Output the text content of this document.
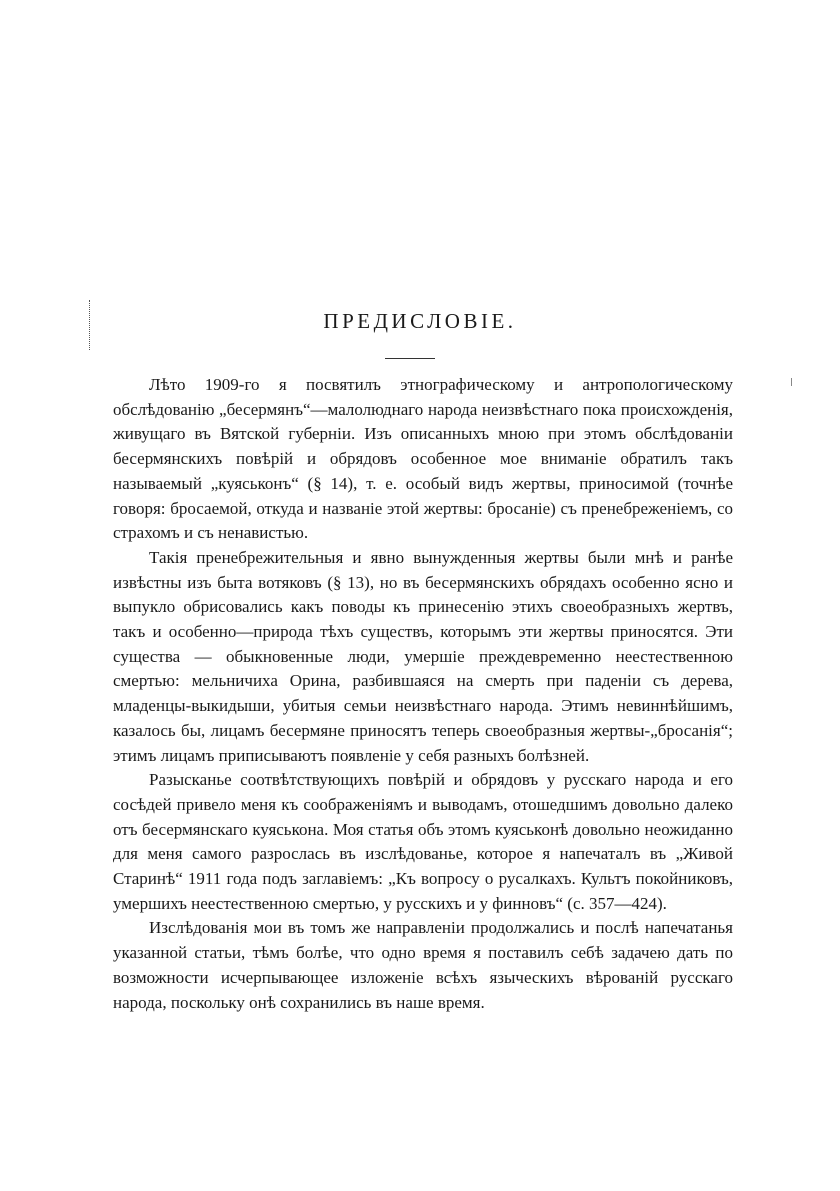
ПРЕДИСЛОВІЕ.

Лѣто 1909-го я посвятилъ этнографическому и антропологическому обслѣдованію „бесермянъ“—малолюднаго народа неизвѣстнаго пока происхожденія, живущаго въ Вятской губерніи. Изъ описанныхъ мною при этомъ обслѣдованіи бесермянскихъ повѣрій и обрядовъ особенное мое вниманіе обратилъ такъ называемый „куяськонъ“ (§ 14), т. е. особый видъ жертвы, приносимой (точнѣе говоря: бросаемой, откуда и названіе этой жертвы: бросаніе) съ пренебреженіемъ, со страхомъ и съ ненавистью.

Такія пренебрежительныя и явно вынужденныя жертвы были мнѣ и ранѣе извѣстны изъ быта вотяковъ (§ 13), но въ бесермянскихъ обрядахъ особенно ясно и выпукло обрисовались какъ поводы къ принесенію этихъ своеобразныхъ жертвъ, такъ и особенно—природа тѣхъ существъ, которымъ эти жертвы приносятся. Эти существа — обыкновенные люди, умершіе преждевременно неестественною смертью: мельничиха Орина, разбившаяся на смерть при паденіи съ дерева, младенцы-выкидыши, убитыя семьи неизвѣстнаго народа. Этимъ невиннѣйшимъ, казалось бы, лицамъ бесермяне приносятъ теперь своеобразныя жертвы-„бросанія“; этимъ лицамъ приписываютъ появленіе у себя разныхъ болѣзней.

Разысканье соотвѣтствующихъ повѣрій и обрядовъ у русскаго народа и его сосѣдей привело меня къ соображеніямъ и выводамъ, отошедшимъ довольно далеко отъ бесермянскаго куяськона. Моя статья объ этомъ куяськонѣ довольно неожиданно для меня самого разрослась въ изслѣдованье, которое я напечаталъ въ „Живой Старинѣ“ 1911 года подъ заглавіемъ: „Къ вопросу о русалкахъ. Культъ покойниковъ, умершихъ неестественною смертью, у русскихъ и у финновъ“ (с. 357—424).

Изслѣдованія мои въ томъ же направленіи продолжались и послѣ напечатанья указанной статьи, тѣмъ болѣе, что одно время я поставилъ себѣ задачею дать по возможности исчерпывающее изложеніе всѣхъ языческихъ вѣрованій русскаго народа, поскольку онѣ сохранились въ наше время.
